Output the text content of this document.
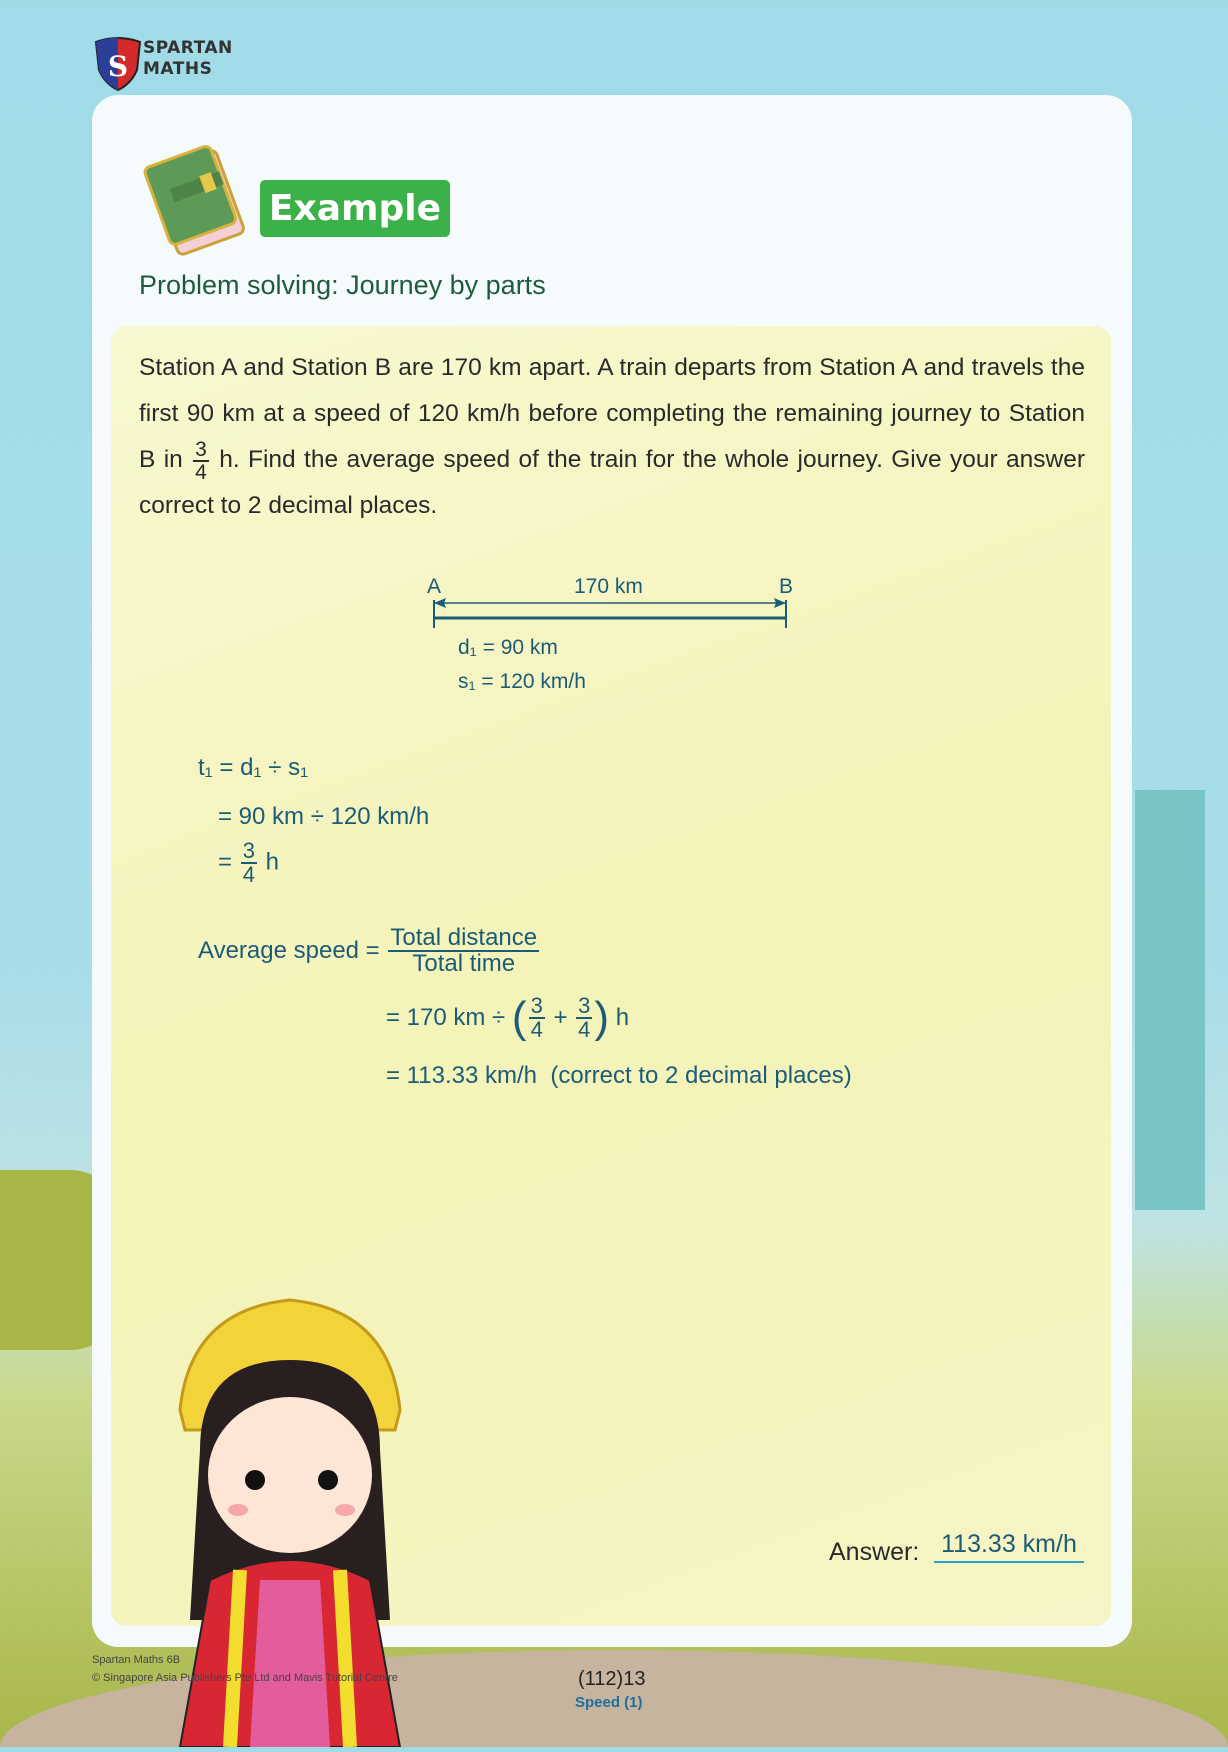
S
SPARTAN
MATHS
Example
Problem solving: Journey by parts
Station A and Station B are 170 km apart. A train departs from Station A and travels the first 90 km at a speed of 120 km/h before completing the remaining journey to Station B in $\frac{3}{4} h$. Find the average speed of the train for the whole journey. Give your answer correct to 2 decimal places.
A	B
170 km
d₁ = 90 km
s₁ = 120 km/h
t₁ = d₁ ÷ s₁
= 90 km ÷ 120 km/h
= $\frac{3}{4}$ h
Average speed = $\frac{\text{Total distance}}{\text{Total time}}$
= 170 km ÷ ( $\frac{3}{4} + \frac{3}{4}$ ) h
= 113.33 km/h  (correct to 2 decimal places)
Answer: 113.33 km/h
Spartan Maths 6B
© Singapore Asia Publishers Pte Ltd and Mavis Tutorial Centre	(112)13
Speed (1)
